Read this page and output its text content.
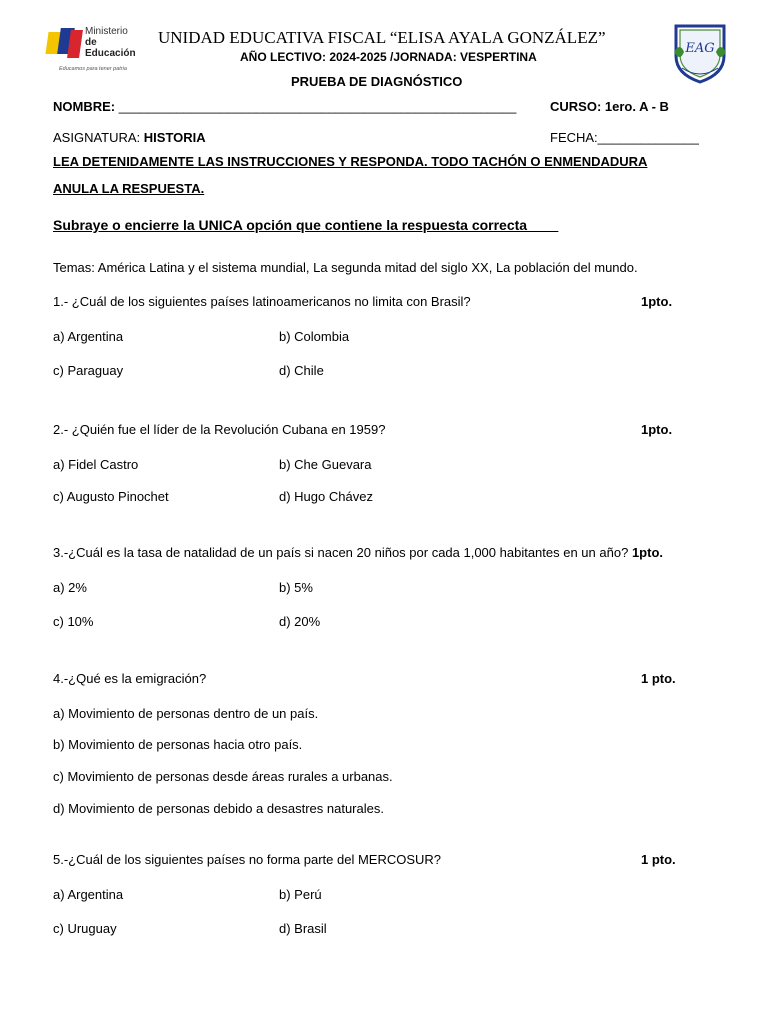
Ministerio
de Educación
Educamos para tener patria
EAG
UNIDAD EDUCATIVA FISCAL “ELISA AYALA GONZÁLEZ”
AÑO LECTIVO: 2024-2025 /JORNADA: VESPERTINA
PRUEBA DE DIAGNÓSTICO
NOMBRE: _______________________________________________________	CURSO: 1ero. A - B
ASIGNATURA: HISTORIA	FECHA:______________
LEA DETENIDAMENTE LAS INSTRUCCIONES Y RESPONDA. TODO TACHÓN O ENMENDADURA
ANULA LA RESPUESTA.
Subraye o encierre la UNICA opción que contiene la respuesta correcta____
Temas: América Latina y el sistema mundial, La segunda mitad del siglo XX, La población del mundo.
1.- ¿Cuál de los siguientes países latinoamericanos no limita con Brasil?	1pto.
a) Argentina	b) Colombia
c) Paraguay	d) Chile
2.- ¿Quién fue el líder de la Revolución Cubana en 1959?	1pto.
a) Fidel Castro	b) Che Guevara
c) Augusto Pinochet	d) Hugo Chávez
3.-¿Cuál es la tasa de natalidad de un país si nacen 20 niños por cada 1,000 habitantes en un año? 1pto.
a) 2%	b) 5%
c) 10%	d) 20%
4.-¿Qué es la emigración?	1 pto.
a) Movimiento de personas dentro de un país.
b) Movimiento de personas hacia otro país.
c) Movimiento de personas desde áreas rurales a urbanas.
d) Movimiento de personas debido a desastres naturales.
5.-¿Cuál de los siguientes países no forma parte del MERCOSUR?	1 pto.
a) Argentina	b) Perú
c) Uruguay	d) Brasil
